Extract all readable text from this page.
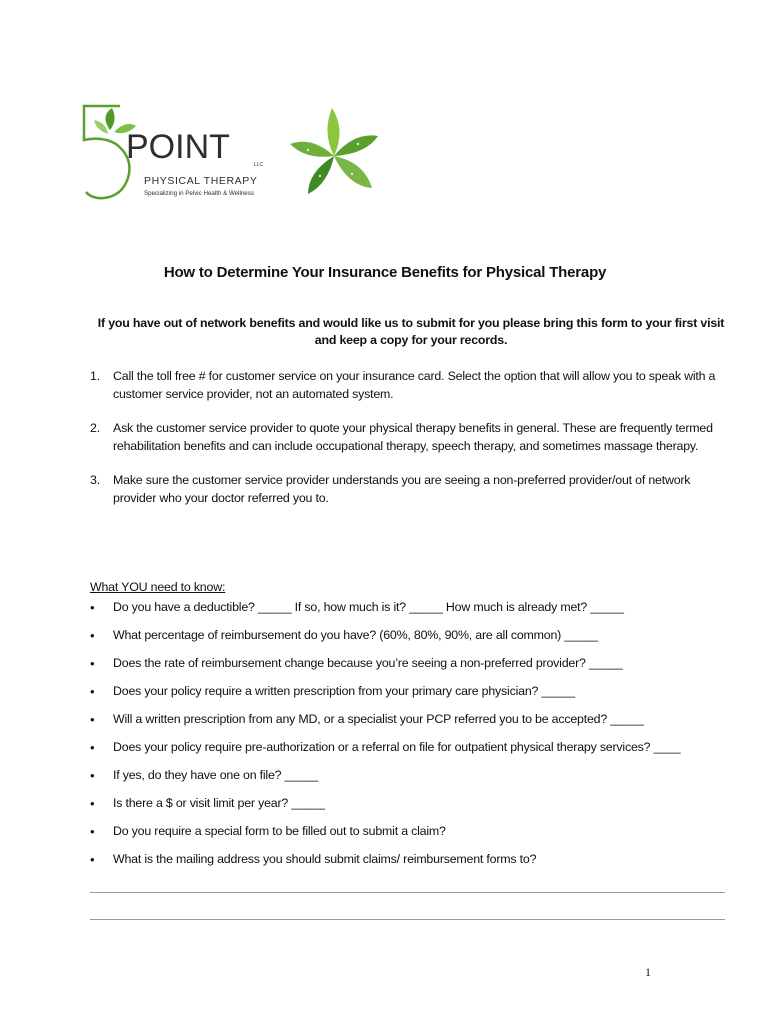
POINT	LLC
PHYSICAL THERAPY
Specializing in Pelvic Health & Wellness
How to Determine Your Insurance Benefits for Physical Therapy
If you have out of network benefits and would like us to submit for you please bring this form to your first visit and keep a copy for your records.
1.	Call the toll free # for customer service on your insurance card. Select the option that will allow you to speak with a customer service provider, not an automated system.
2.	Ask the customer service provider to quote your physical therapy benefits in general. These are frequently termed rehabilitation benefits and can include occupational therapy, speech therapy, and sometimes massage therapy.
3.	Make sure the customer service provider understands you are seeing a non-preferred provider/out of network provider who your doctor referred you to.
What YOU need to know:
•	Do you have a deductible? _____ If so, how much is it? _____ How much is already met? _____
•	What percentage of reimbursement do you have? (60%, 80%, 90%, are all common) _____
•	Does the rate of reimbursement change because you’re seeing a non-preferred provider? _____
•	Does your policy require a written prescription from your primary care physician? _____
•	Will a written prescription from any MD, or a specialist your PCP referred you to be accepted? _____
•	Does your policy require pre-authorization or a referral on file for outpatient physical therapy services? ____
•	If yes, do they have one on file? _____
•	Is there a $ or visit limit per year? _____
•	Do you require a special form to be filled out to submit a claim?
•	What is the mailing address you should submit claims/ reimbursement forms to?
1
